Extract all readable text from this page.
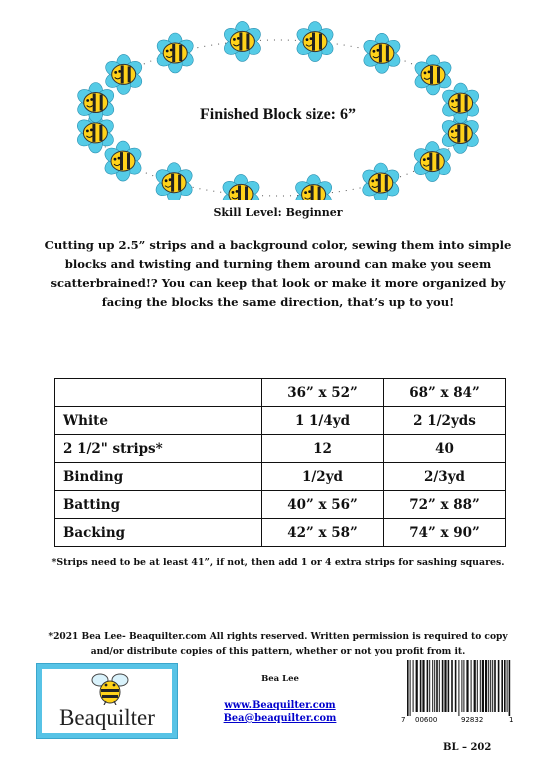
Finished Block size: 6”
Skill Level: Beginner
Cutting up 2.5” strips and a background color, sewing them into simple blocks and twisting and turning them around can make you seem scatterbrained!? You can keep that look or make it more organized by facing the blocks the same direction, that’s up to you!
	36” x 52”	68” x 84”
White	1 1/4yd	2 1/2yds
2 1/2" strips*	12	40
Binding	1/2yd	2/3yd
Batting	40” x 56”	72” x 88”
Backing	42” x 58”	74” x 90”
*Strips need to be at least 41”, if not, then add 1 or 4 extra strips for sashing squares.
*2021 Bea Lee- Beaquilter.com All rights reserved. Written permission is required to copy and/or distribute copies of this pattern, whether or not you profit from it.
Beaquilter
Bea Lee
www.Beaquilter.com
Bea@beaquilter.com	7 00600	92832	1
BL – 202
